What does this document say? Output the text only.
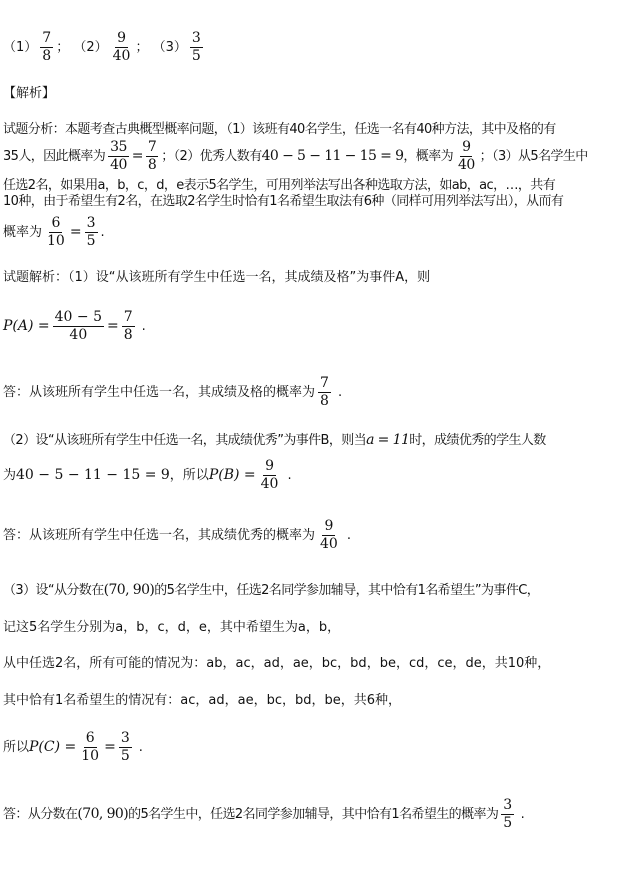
$(1) \frac{7}{8}$ ； $(2) \frac{9}{40}$ ； $(3) \frac{3}{5}$
【解析】
试题分析：本题考查古典概型概率问题，（1）该班有40名学生，任选一名有40种方法，其中及格的有
35人，因此概率为 $\frac{35}{40} = \frac{7}{8}$ ；（2）优秀人数有40 − 5 − 11 − 15 = 9，概率为 $\frac{9}{40}$ ；（3）从5名学生中
任选2名，如果用a，b，c，d，e表示5名学生，可用列举法写出各种选取方法，如ab，ac，…，共有
10种，由于希望生有2名，在选取2名学生时恰有1名希望生取法有6种（同样可用列举法写出），从而有
概率为 $\frac{6}{10} = \frac{3}{5}$ .
试题解析：（1）设“从该班所有学生中任选一名，其成绩及格”为事件A，则
$P(A) = \frac{40 - 5}{40} = \frac{7}{8}$ .
答：从该班所有学生中任选一名，其成绩及格的概率为 $\frac{7}{8}$ .
（2）设“从该班所有学生中任选一名，其成绩优秀”为事件B，则当a = 11时，成绩优秀的学生人数
为40 − 5 − 11 − 15 = 9，所以$P(B) = \frac{9}{40}$ .
答：从该班所有学生中任选一名，其成绩优秀的概率为 $\frac{9}{40}$ .
（3）设“从分数在(70, 90)的5名学生中，任选2名同学参加辅导，其中恰有1名希望生”为事件C，
记这5名学生分别为a，b，c，d，e，其中希望生为a，b，
从中任选2名，所有可能的情况为：ab，ac，ad，ae，bc，bd，be，cd，ce，de，共10种，
其中恰有1名希望生的情况有：ac，ad，ae，bc，bd，be，共6种，
所以$P(C) = \frac{6}{10} = \frac{3}{5}$ .
答：从分数在(70, 90)的5名学生中，任选2名同学参加辅导，其中恰有1名希望生的概率为 $\frac{3}{5}$ .
